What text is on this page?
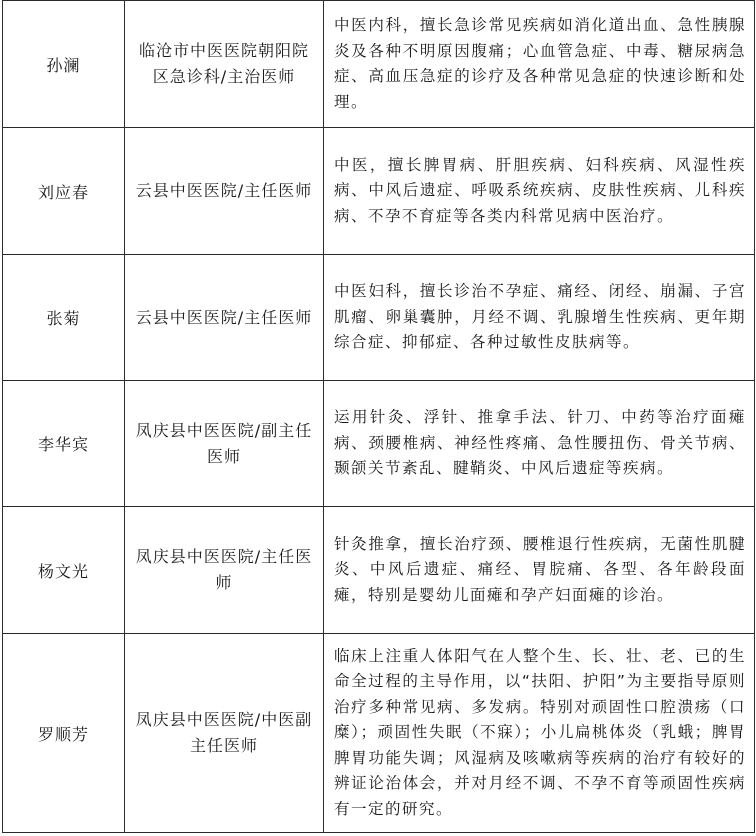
孙澜	临沧市中医医院朝阳院区急诊科/主治医师	中医内科，擅长急诊常见疾病如消化道出血、急性胰腺炎及各种不明原因腹痛；心血管急症、中毒、糖尿病急症、高血压急症的诊疗及各种常见急症的快速诊断和处理。
刘应春	云县中医医院/主任医师	中医，擅长脾胃病、肝胆疾病、妇科疾病、风湿性疾病、中风后遗症、呼吸系统疾病、皮肤性疾病、儿科疾病、不孕不育症等各类内科常见病中医治疗。
张菊	云县中医医院/主任医师	中医妇科，擅长诊治不孕症、痛经、闭经、崩漏、子宫肌瘤、卵巢囊肿，月经不调、乳腺增生性疾病、更年期综合症、抑郁症、各种过敏性皮肤病等。
李华宾	凤庆县中医医院/副主任医师	运用针灸、浮针、推拿手法、针刀、中药等治疗面瘫病、颈腰椎病、神经性疼痛、急性腰扭伤、骨关节病、颞颌关节紊乱、腱鞘炎、中风后遗症等疾病。
杨文光	凤庆县中医医院/主任医师	针灸推拿，擅长治疗颈、腰椎退行性疾病，无菌性肌腱炎、中风后遗症、痛经、胃脘痛、各型、各年龄段面瘫，特别是婴幼儿面瘫和孕产妇面瘫的诊治。
罗顺芳	凤庆县中医医院/中医副主任医师	临床上注重人体阳气在人整个生、长、壮、老、已的生命全过程的主导作用，以“扶阳、护阳”为主要指导原则治疗多种常见病、多发病。特别对顽固性口腔溃疡（口糜）；顽固性失眠（不寐）；小儿扁桃体炎（乳蛾；脾胃脾胃功能失调；风湿病及咳嗽病等疾病的治疗有较好的辨证论治体会，并对月经不调、不孕不育等顽固性疾病有一定的研究。
